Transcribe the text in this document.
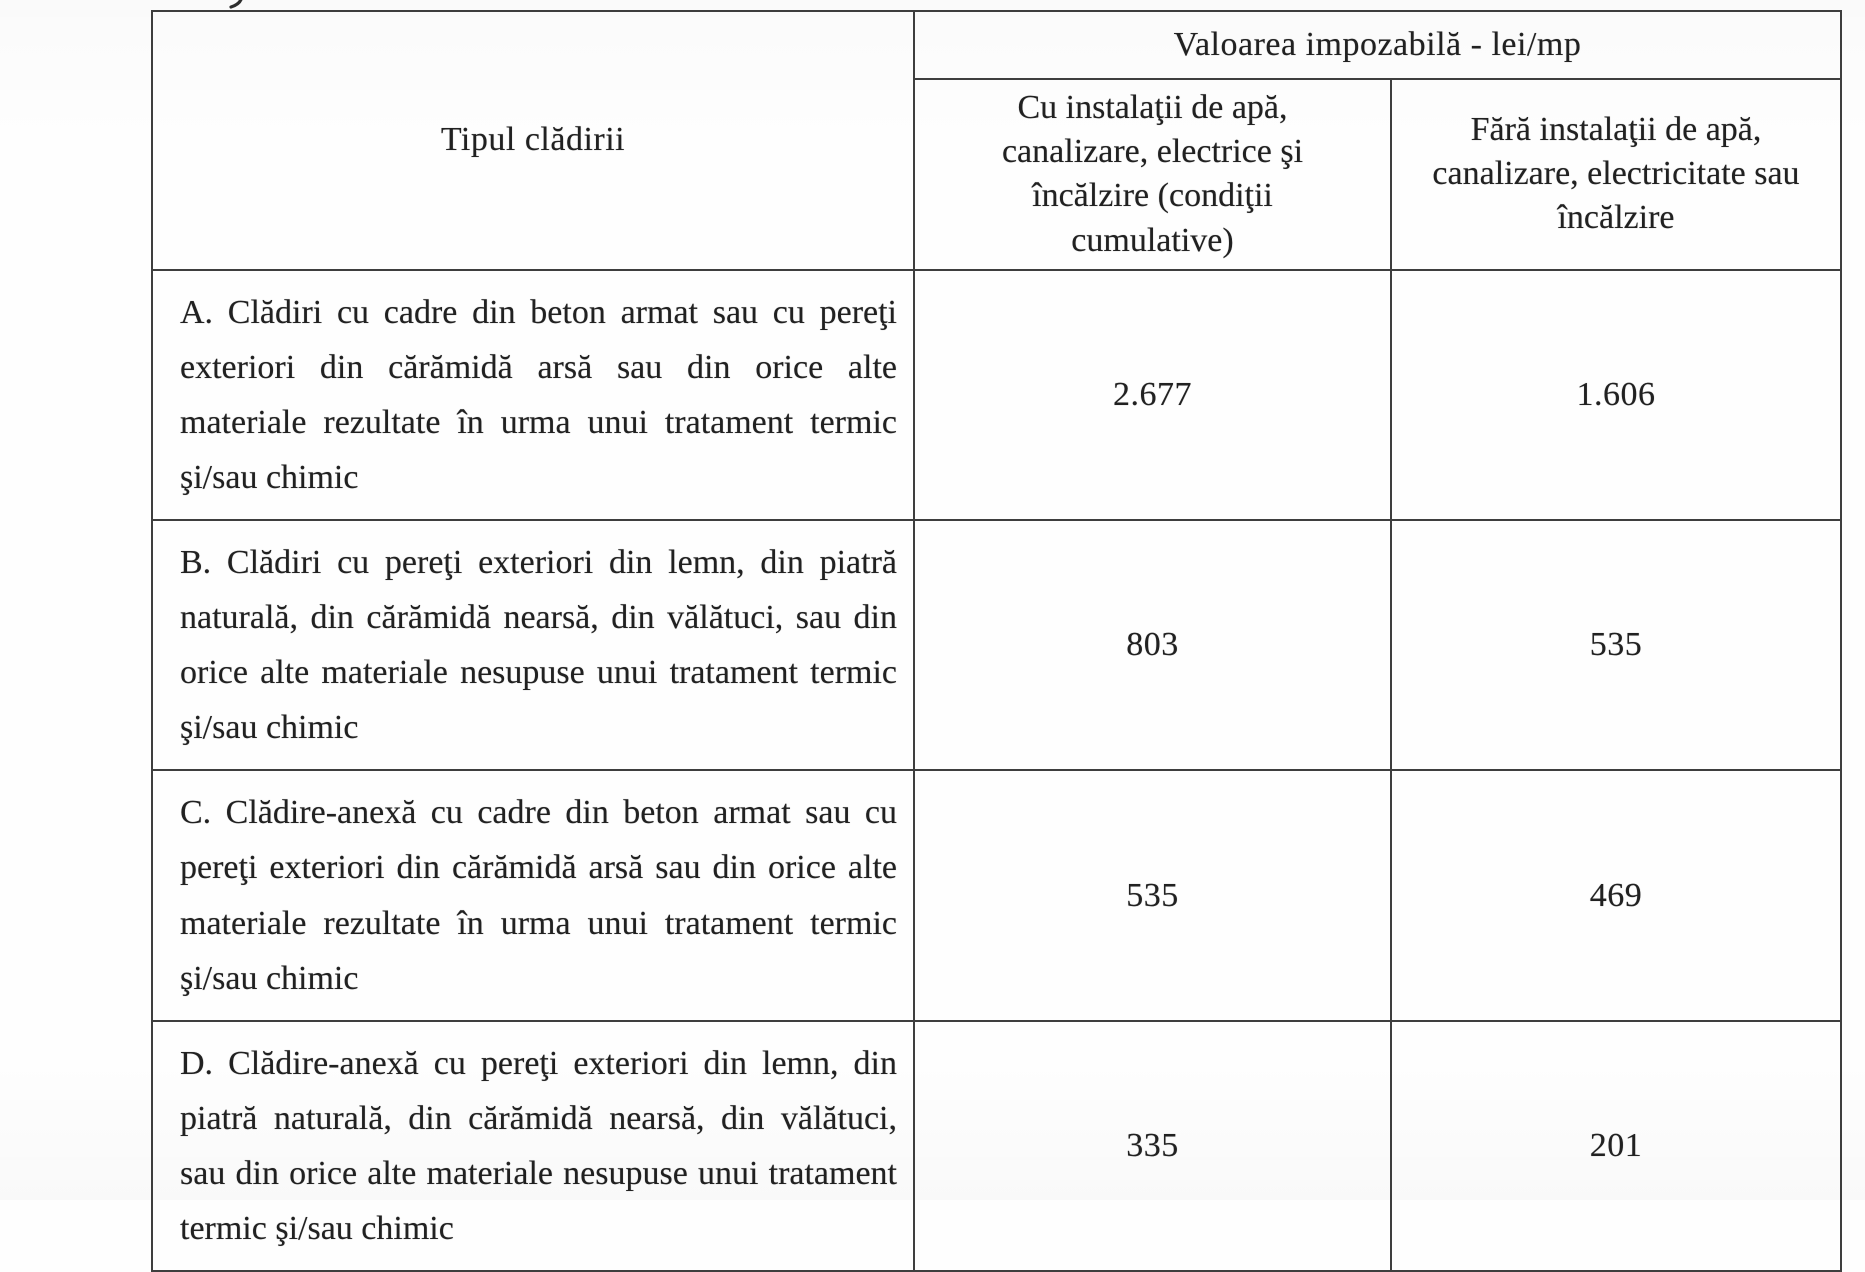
Tipul clădirii	Valoarea impozabilă - lei/mp	
	Cu instalaţii de apă, canalizare, electrice şi încălzire (condiţii cumulative)	Fără instalaţii de apă, canalizare, electricitate sau încălzire
A. Clădiri cu cadre din beton armat sau cu pereţi exteriori din cărămidă arsă sau din orice alte materiale rezultate în urma unui tratament termic şi/sau chimic	2.677	1.606
B. Clădiri cu pereţi exteriori din lemn, din piatră naturală, din cărămidă nearsă, din vălătuci, sau din orice alte materiale nesupuse unui tratament termic şi/sau chimic	803	535
C. Clădire-anexă cu cadre din beton armat sau cu pereţi exteriori din cărămidă arsă sau din orice alte materiale rezultate în urma unui tratament termic şi/sau chimic	535	469
D. Clădire-anexă cu pereţi exteriori din lemn, din piatră naturală, din cărămidă nearsă, din vălătuci, sau din orice alte materiale nesupuse unui tratament termic şi/sau chimic	335	201
